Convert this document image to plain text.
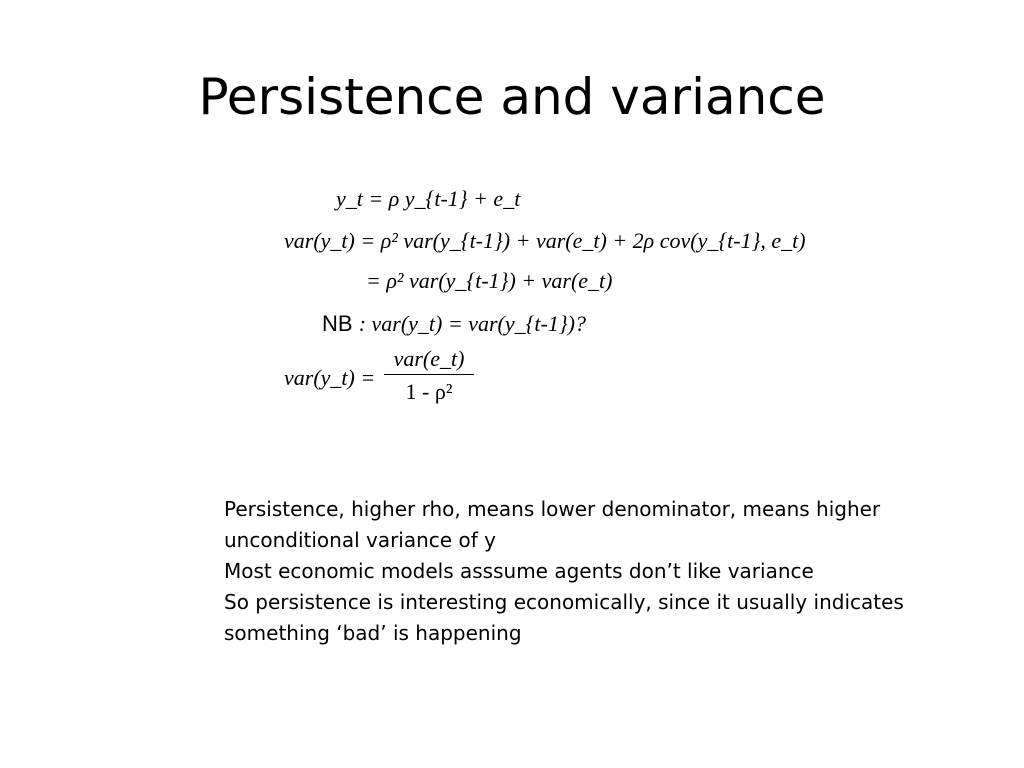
Persistence and variance
y_t = ρ y_{t-1} + e_t
var(y_t) = ρ² var(y_{t-1}) + var(e_t) + 2ρ cov(y_{t-1}, e_t)
= ρ² var(y_{t-1}) + var(e_t)
NB : var(y_t) = var(y_{t-1})?
var(y_t) =
var(e_t)
1 - ρ²

Persistence, higher rho, means lower denominator, means higher unconditional variance of y

Most economic models asssume agents don’t like variance

So persistence is interesting economically, since it usually indicates something ‘bad’ is happening
